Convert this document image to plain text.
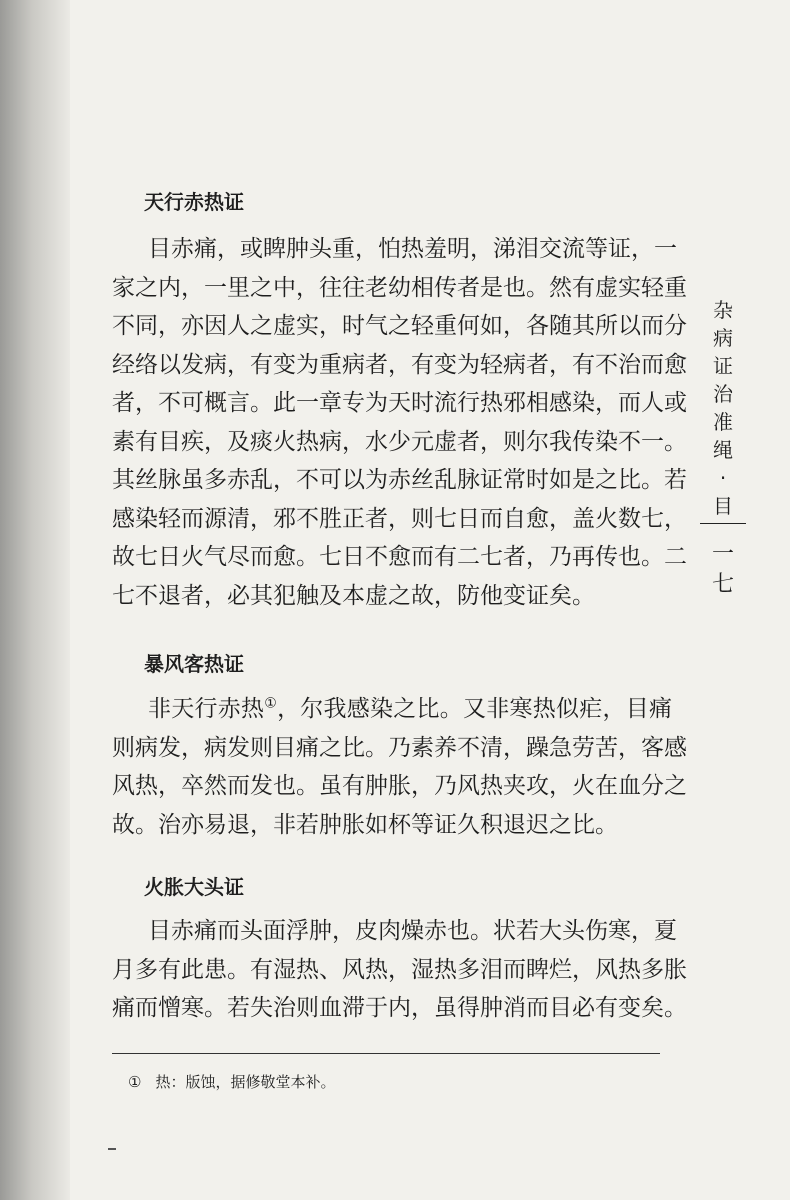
天行赤热证
目赤痛，或睥肿头重，怕热羞明，涕泪交流等证，一
家之内，一里之中，往往老幼相传者是也。然有虚实轻重
不同，亦因人之虚实，时气之轻重何如，各随其所以而分
经络以发病，有变为重病者，有变为轻病者，有不治而愈
者，不可概言。此一章专为天时流行热邪相感染，而人或
素有目疾，及痰火热病，水少元虚者，则尔我传染不一。
其丝脉虽多赤乱，不可以为赤丝乱脉证常时如是之比。若
感染轻而源清，邪不胜正者，则七日而自愈，盖火数七，
故七日火气尽而愈。七日不愈而有二七者，乃再传也。二
七不退者，必其犯触及本虚之故，防他变证矣。
暴风客热证
非天行赤热①，尔我感染之比。又非寒热似疟，目痛
则病发，病发则目痛之比。乃素养不清，躁急劳苦，客感
风热，卒然而发也。虽有肿胀，乃风热夹攻，火在血分之
故。治亦易退，非若肿胀如杯等证久积退迟之比。
火胀大头证
目赤痛而头面浮肿，皮肉燥赤也。状若大头伤寒，夏
月多有此患。有湿热、风热，湿热多泪而睥烂，风热多胀
痛而憎寒。若失治则血滞于内，虽得肿消而目必有变矣。
① 热：版蚀，据修敬堂本补。
杂
病
证
治
准
绳
·
目
一
七
